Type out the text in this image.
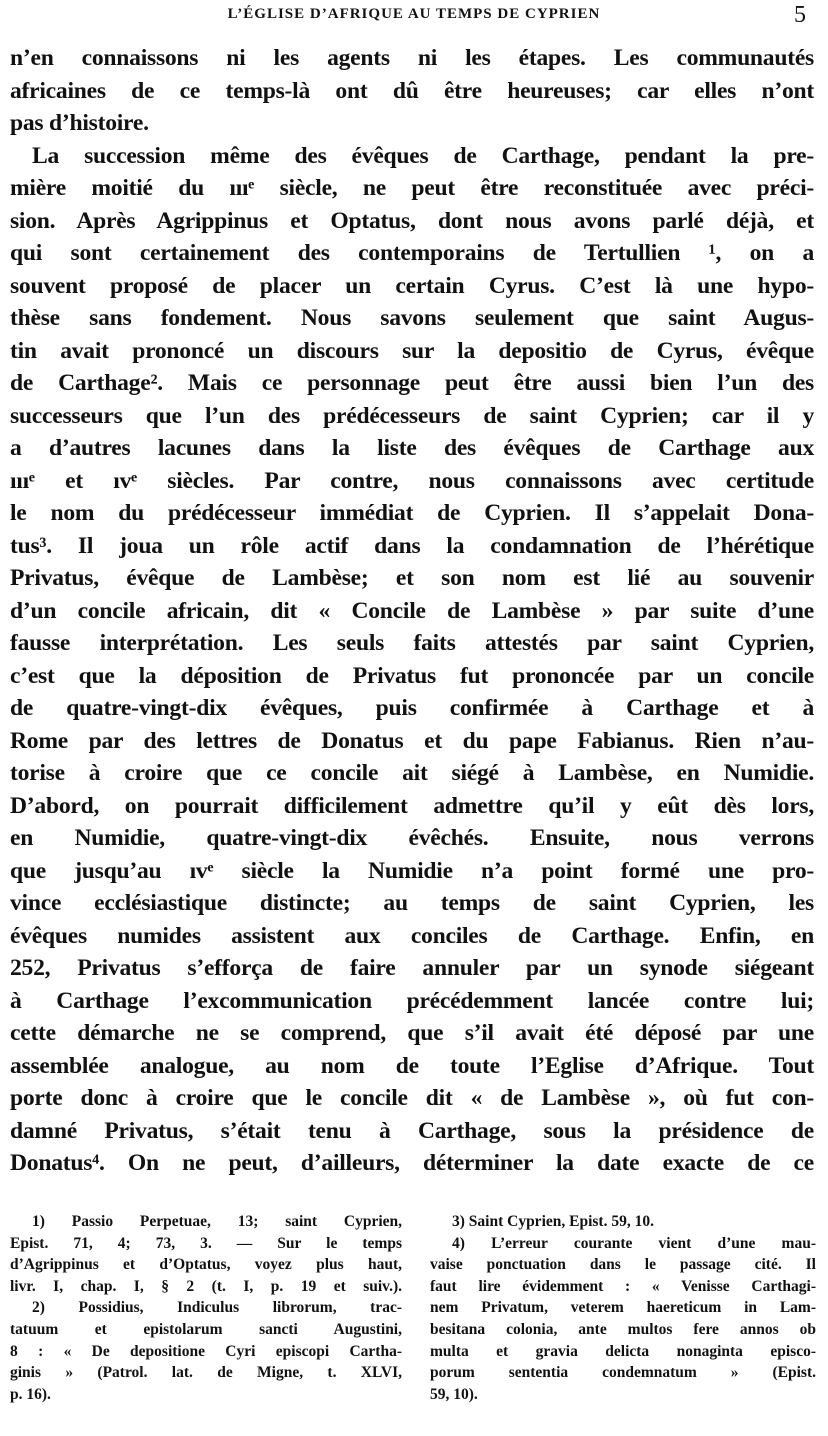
L’ÉGLISE D’AFRIQUE AU TEMPS DE CYPRIEN	5
n’en connaissons ni les agents ni les étapes. Les communautés
africaines de ce temps-là ont dû être heureuses; car elles n’ont
pas d’histoire.
La succession même des évêques de Carthage, pendant la pre-
mière moitié du ıııᵉ siècle, ne peut être reconstituée avec préci-
sion. Après Agrippinus et Optatus, dont nous avons parlé déjà, et
qui sont certainement des contemporains de Tertullien ¹, on a
souvent proposé de placer un certain Cyrus. C’est là une hypo-
thèse sans fondement. Nous savons seulement que saint Augus-
tin avait prononcé un discours sur la depositio de Cyrus, évêque
de Carthage². Mais ce personnage peut être aussi bien l’un des
successeurs que l’un des prédécesseurs de saint Cyprien; car il y
a d’autres lacunes dans la liste des évêques de Carthage aux
ıııᵉ et ıvᵉ siècles. Par contre, nous connaissons avec certitude
le nom du prédécesseur immédiat de Cyprien. Il s’appelait Dona-
tus³. Il joua un rôle actif dans la condamnation de l’hérétique
Privatus, évêque de Lambèse; et son nom est lié au souvenir
d’un concile africain, dit « Concile de Lambèse » par suite d’une
fausse interprétation. Les seuls faits attestés par saint Cyprien,
c’est que la déposition de Privatus fut prononcée par un concile
de quatre-vingt-dix évêques, puis confirmée à Carthage et à
Rome par des lettres de Donatus et du pape Fabianus. Rien n’au-
torise à croire que ce concile ait siégé à Lambèse, en Numidie.
D’abord, on pourrait difficilement admettre qu’il y eût dès lors,
en Numidie, quatre-vingt-dix évêchés. Ensuite, nous verrons
que jusqu’au ıvᵉ siècle la Numidie n’a point formé une pro-
vince ecclésiastique distincte; au temps de saint Cyprien, les
évêques numides assistent aux conciles de Carthage. Enfin, en
252, Privatus s’efforça de faire annuler par un synode siégeant
à Carthage l’excommunication précédemment lancée contre lui;
cette démarche ne se comprend, que s’il avait été déposé par une
assemblée analogue, au nom de toute l’Eglise d’Afrique. Tout
porte donc à croire que le concile dit « de Lambèse », où fut con-
damné Privatus, s’était tenu à Carthage, sous la présidence de
Donatus⁴. On ne peut, d’ailleurs, déterminer la date exacte de ce
1) Passio Perpetuae, 13; saint Cyprien,
Epist. 71, 4; 73, 3. — Sur le temps
d’Agrippinus et d’Optatus, voyez plus haut,
livr. I, chap. I, § 2 (t. I, p. 19 et suiv.).
2) Possidius, Indiculus librorum, trac-
tatuum et epistolarum sancti Augustini,
8 : « De depositione Cyri episcopi Cartha-
ginis » (Patrol. lat. de Migne, t. XLVI,
p. 16).
3) Saint Cyprien, Epist. 59, 10.
4) L’erreur courante vient d’une mau-
vaise ponctuation dans le passage cité. Il
faut lire évidemment : « Venisse Carthagi-
nem Privatum, veterem haereticum in Lam-
besitana colonia, ante multos fere annos ob
multa et gravia delicta nonaginta episco-
porum sententia condemnatum » (Epist.
59, 10).
